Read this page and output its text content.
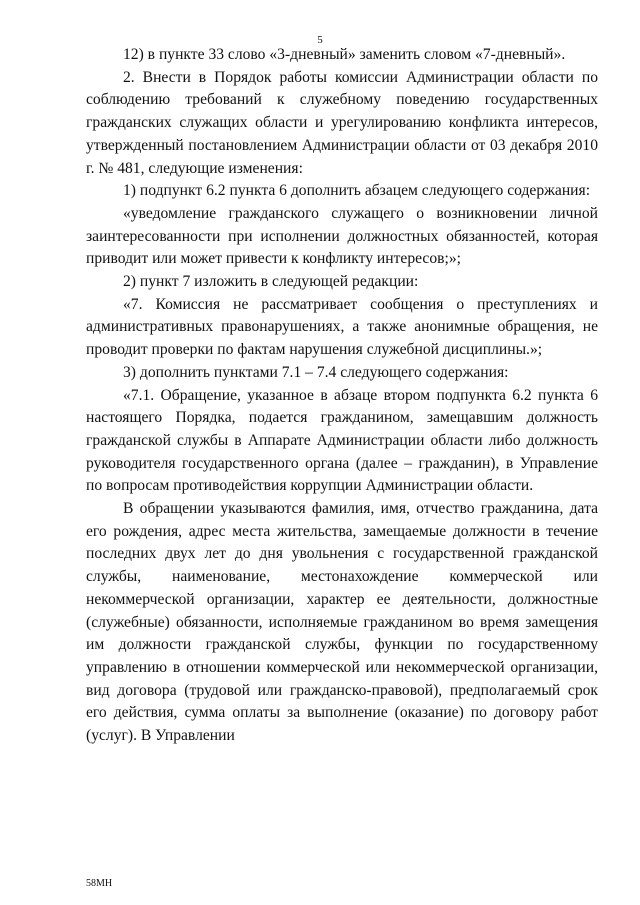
5

12) в пункте 33 слово «3-дневный» заменить словом «7-дневный».

2. Внести в Порядок работы комиссии Администрации области по соблюдению требований к служебному поведению государственных гражданских служащих области и урегулированию конфликта интересов, утвержденный постановлением Администрации области от 03 декабря 2010 г. № 481, следующие изменения:

1) подпункт 6.2 пункта 6 дополнить абзацем следующего содержания:

«уведомление гражданского служащего о возникновении личной заинтересованности при исполнении должностных обязанностей, которая приводит или может привести к конфликту интересов;»;

2) пункт 7 изложить в следующей редакции:

«7. Комиссия не рассматривает сообщения о преступлениях и административных правонарушениях, а также анонимные обращения, не проводит проверки по фактам нарушения служебной дисциплины.»;

3) дополнить пунктами 7.1 – 7.4 следующего содержания:

«7.1. Обращение, указанное в абзаце втором подпункта 6.2 пункта 6 настоящего Порядка, подается гражданином, замещавшим должность гражданской службы в Аппарате Администрации области либо должность руководителя государственного органа (далее – гражданин), в Управление по вопросам противодействия коррупции Администрации области.

В обращении указываются фамилия, имя, отчество гражданина, дата его рождения, адрес места жительства, замещаемые должности в течение последних двух лет до дня увольнения с государственной гражданской службы, наименование, местонахождение коммерческой или некоммерческой организации, характер ее деятельности, должностные (служебные) обязанности, исполняемые гражданином во время замещения им должности гражданской службы, функции по государственному управлению в отношении коммерческой или некоммерческой организации, вид договора (трудовой или гражданско-правовой), предполагаемый срок его действия, сумма оплаты за выполнение (оказание) по договору работ (услуг). В Управлении

58МН
